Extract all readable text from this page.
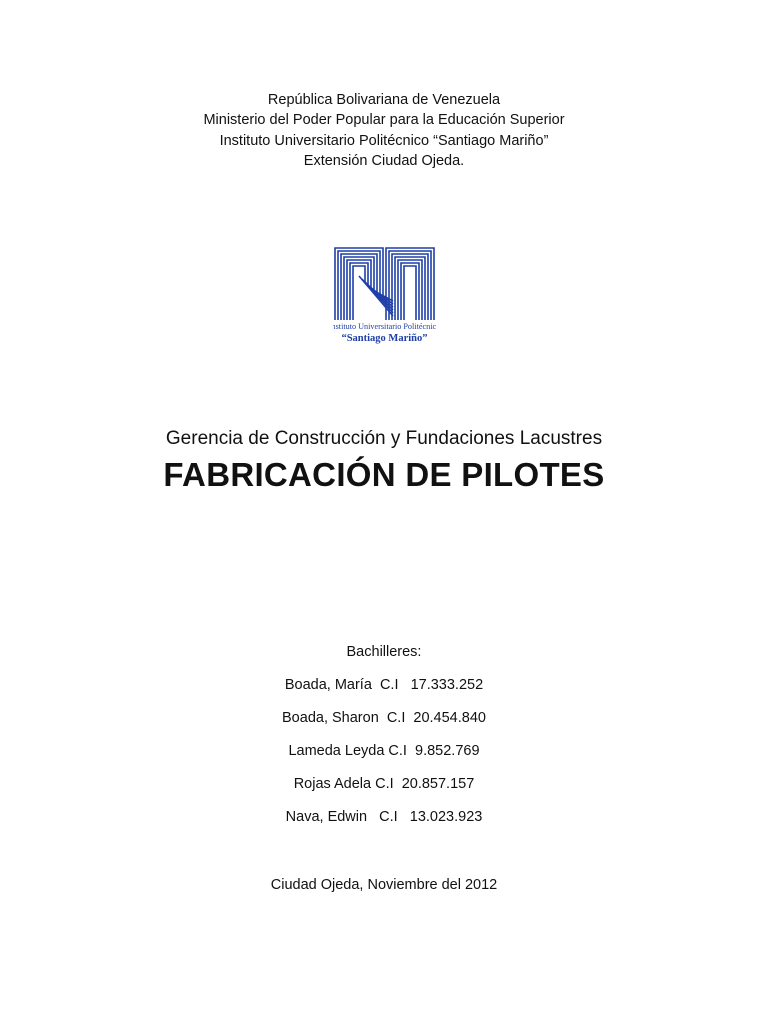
República Bolivariana de Venezuela
Ministerio del Poder Popular para la Educación Superior
Instituto Universitario Politécnico “Santiago Mariño”
Extensión Ciudad Ojeda.
Instituto Universitario Politécnico
“Santiago Mariño”
Gerencia de Construcción y Fundaciones Lacustres
FABRICACIÓN DE PILOTES
Bachilleres:
Boada, María  C.I   17.333.252
Boada, Sharon  C.I  20.454.840
Lameda Leyda C.I  9.852.769
Rojas Adela C.I  20.857.157
Nava, Edwin   C.I   13.023.923
Ciudad Ojeda, Noviembre del 2012
